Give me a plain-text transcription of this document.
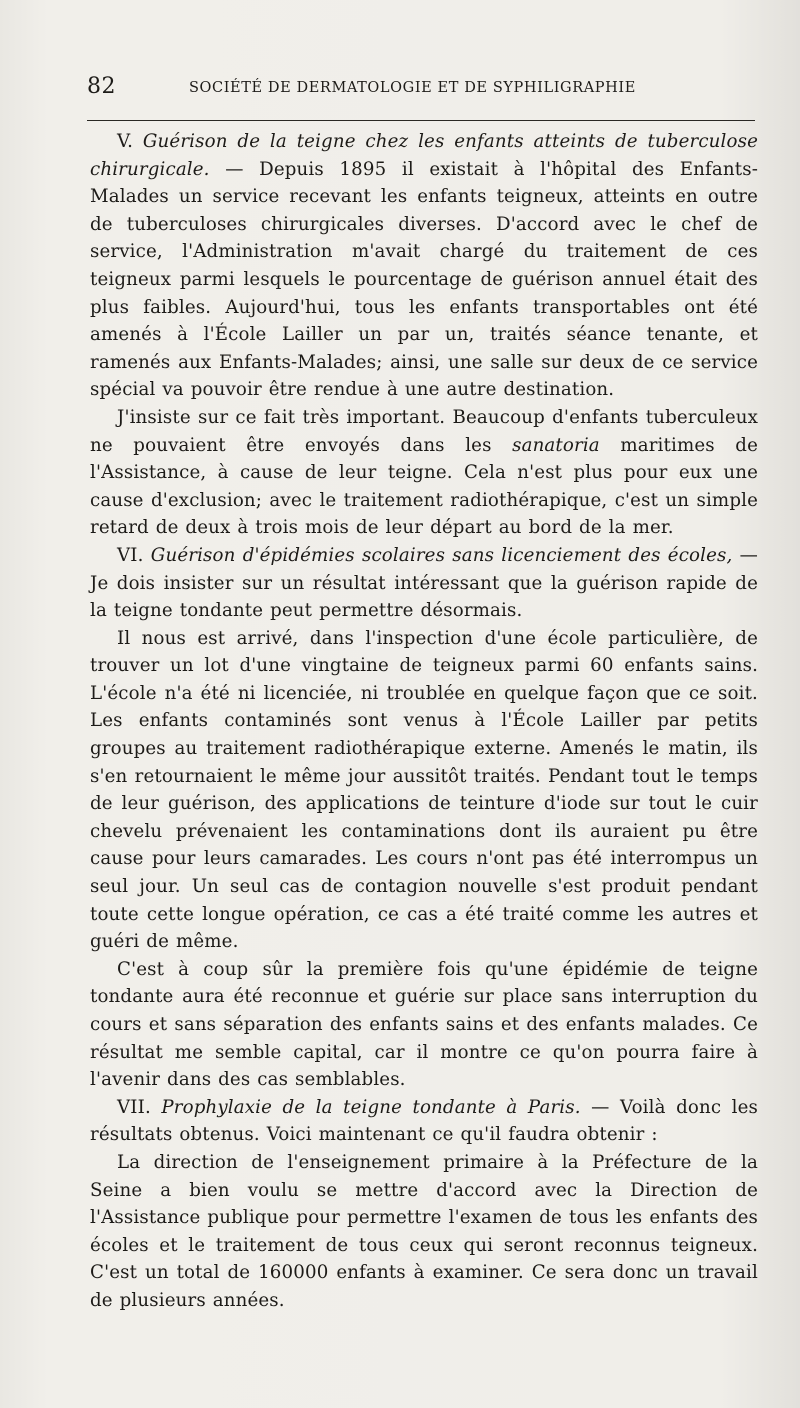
82	SOCIÉTÉ DE DERMATOLOGIE ET DE SYPHILIGRAPHIE

V. Guérison de la teigne chez les enfants atteints de tuberculose chirurgicale. — Depuis 1895 il existait à l'hôpital des Enfants-Malades un service recevant les enfants teigneux, atteints en outre de tuberculoses chirurgicales diverses. D'accord avec le chef de service, l'Administration m'avait chargé du traitement de ces teigneux parmi lesquels le pourcentage de guérison annuel était des plus faibles. Aujourd'hui, tous les enfants transportables ont été amenés à l'École Lailler un par un, traités séance tenante, et ramenés aux Enfants-Malades; ainsi, une salle sur deux de ce service spécial va pouvoir être rendue à une autre destination.

J'insiste sur ce fait très important. Beaucoup d'enfants tuberculeux ne pouvaient être envoyés dans les sanatoria maritimes de l'Assistance, à cause de leur teigne. Cela n'est plus pour eux une cause d'exclusion; avec le traitement radiothérapique, c'est un simple retard de deux à trois mois de leur départ au bord de la mer.

VI. Guérison d'épidémies scolaires sans licenciement des écoles, — Je dois insister sur un résultat intéressant que la guérison rapide de la teigne tondante peut permettre désormais.

Il nous est arrivé, dans l'inspection d'une école particulière, de trouver un lot d'une vingtaine de teigneux parmi 60 enfants sains. L'école n'a été ni licenciée, ni troublée en quelque façon que ce soit. Les enfants contaminés sont venus à l'École Lailler par petits groupes au traitement radiothérapique externe. Amenés le matin, ils s'en retournaient le même jour aussitôt traités. Pendant tout le temps de leur guérison, des applications de teinture d'iode sur tout le cuir chevelu prévenaient les contaminations dont ils auraient pu être cause pour leurs camarades. Les cours n'ont pas été interrompus un seul jour. Un seul cas de contagion nouvelle s'est produit pendant toute cette longue opération, ce cas a été traité comme les autres et guéri de même.

C'est à coup sûr la première fois qu'une épidémie de teigne tondante aura été reconnue et guérie sur place sans interruption du cours et sans séparation des enfants sains et des enfants malades. Ce résultat me semble capital, car il montre ce qu'on pourra faire à l'avenir dans des cas semblables.

VII. Prophylaxie de la teigne tondante à Paris. — Voilà donc les résultats obtenus. Voici maintenant ce qu'il faudra obtenir :

La direction de l'enseignement primaire à la Préfecture de la Seine a bien voulu se mettre d'accord avec la Direction de l'Assistance publique pour permettre l'examen de tous les enfants des écoles et le traitement de tous ceux qui seront reconnus teigneux. C'est un total de 160000 enfants à examiner. Ce sera donc un travail de plusieurs années.
